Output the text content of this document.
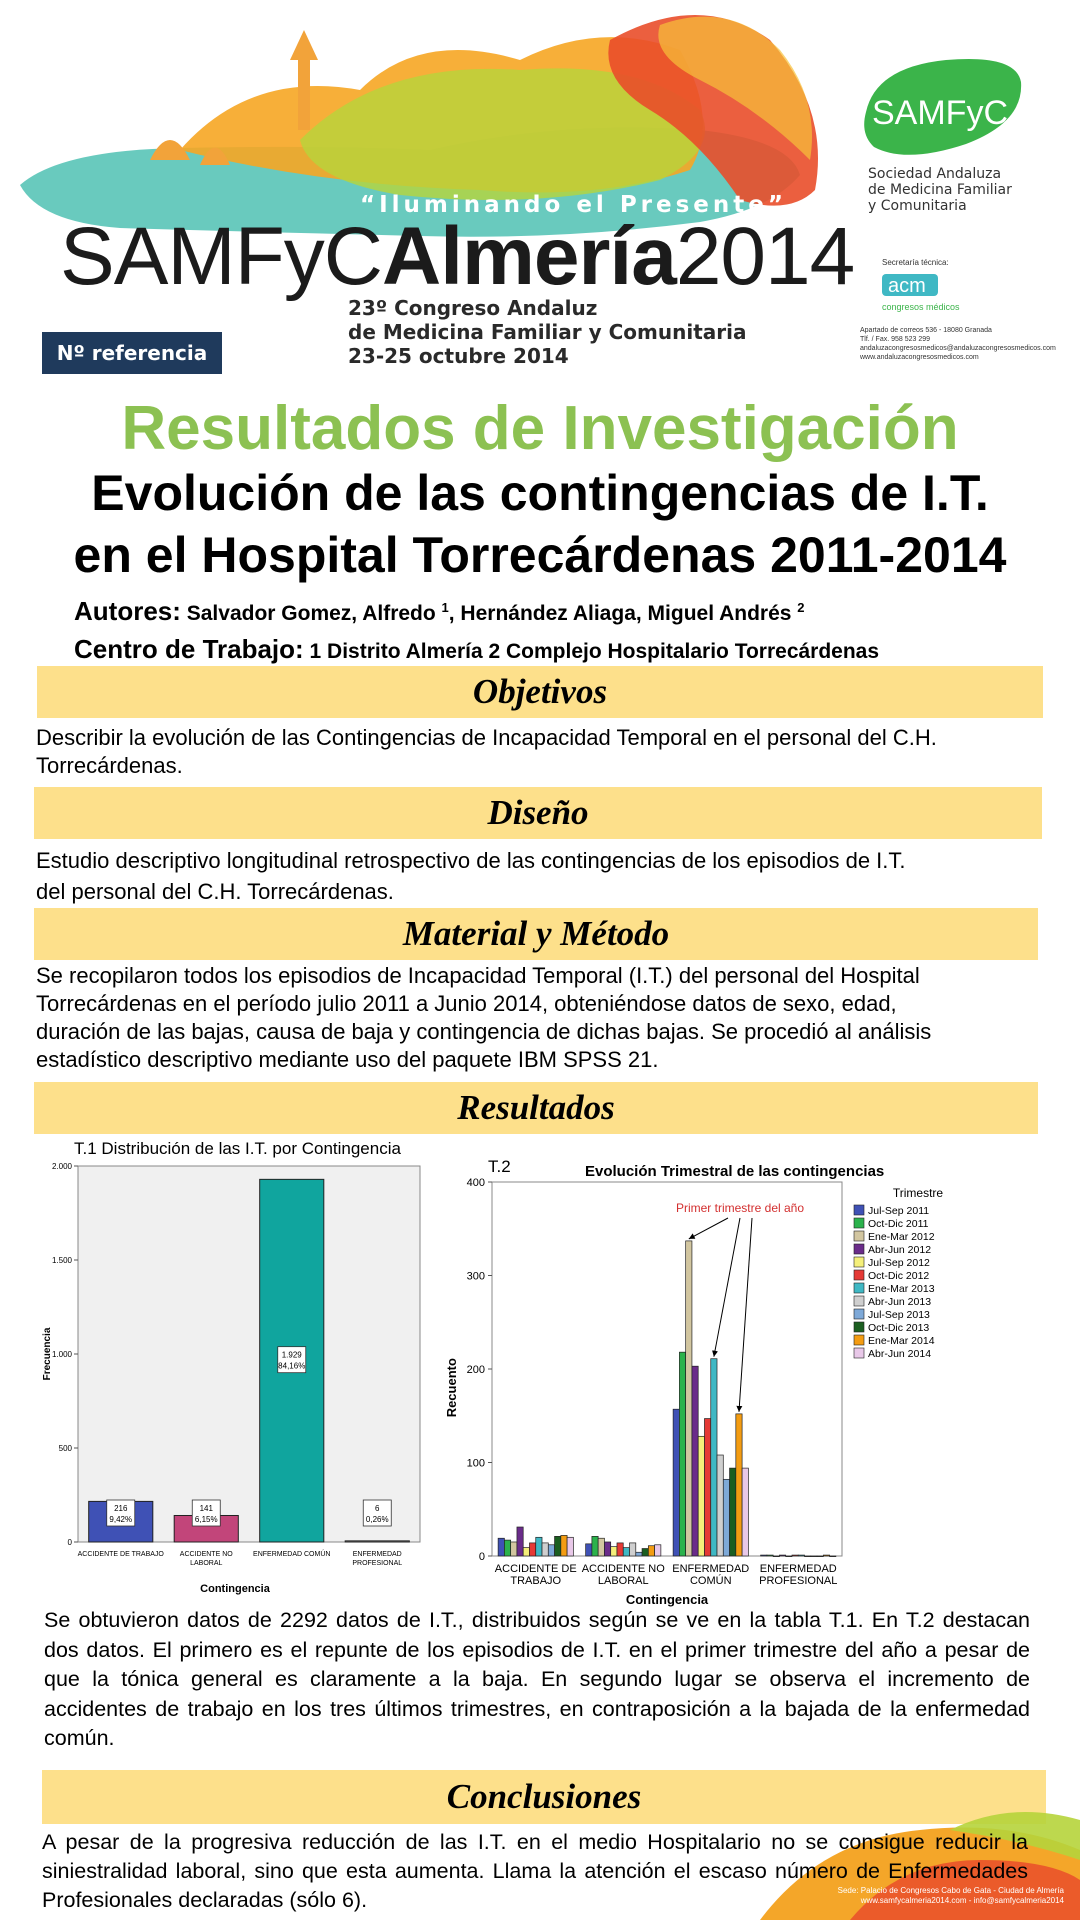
“Iluminando el Presente”
SAMFyCAlmería2014
23º Congreso Andaluz
de Medicina Familiar y Comunitaria
23-25 octubre 2014
Nº referencia
SAMFyC
Sociedad Andaluza
de Medicina Familiar
y Comunitaria
Secretaría técnica:
acm
congresos médicos
Apartado de correos 536 - 18080 Granada
Tlf. / Fax. 958 523 299
andaluzacongresosmedicos@andaluzacongresosmedicos.com
www.andaluzacongresosmedicos.com
Resultados de Investigación
Evolución de las contingencias de I.T.
en el Hospital Torrecárdenas 2011-2014
Autores: Salvador Gomez, Alfredo $^1$, Hernández Aliaga, Miguel Andrés $^2$
Centro de Trabajo: 1 Distrito Almería 2 Complejo Hospitalario Torrecárdenas
Objetivos
Describir la evolución de las Contingencias de Incapacidad Temporal en el personal del C.H.
Torrecárdenas.
Diseño
Estudio descriptivo longitudinal retrospectivo de las contingencias de los episodios de I.T.
del personal del C.H. Torrecárdenas.
Material y Método
Se recopilaron todos los episodios de Incapacidad Temporal (I.T.) del personal del Hospital
Torrecárdenas en el período julio 2011 a Junio 2014, obteniéndose datos de sexo, edad,
duración de las bajas, causa de baja y contingencia de dichas bajas. Se procedió al análisis
estadístico descriptivo mediante uso del paquete IBM SPSS 21.
Resultados
T.1 Distribución de las I.T. por Contingencia
0
500
1.000
1.500
2.000
216
9,42%
ACCIDENTE DE TRABAJO
141
6,15%
ACCIDENTE NO
LABORAL
1.929
84,16%
ENFERMEDAD COMÚN
6
0,26%
ENFERMEDAD
PROFESIONAL
Frecuencia
Contingencia
T.2	Evolución Trimestral de las contingencias
0
100
200
300
400
ACCIDENTE DE
TRABAJO
ACCIDENTE NO
LABORAL
ENFERMEDAD
COMÚN
ENFERMEDAD
PROFESIONAL
Recuento
Contingencia
Primer trimestre del año
Trimestre
Jul-Sep 2011
Oct-Dic 2011
Ene-Mar 2012
Abr-Jun 2012
Jul-Sep 2012
Oct-Dic 2012
Ene-Mar 2013
Abr-Jun 2013
Jul-Sep 2013
Oct-Dic 2013
Ene-Mar 2014
Abr-Jun 2014
Se obtuvieron datos de 2292 datos de I.T., distribuidos según se ve en la tabla T.1. En T.2 destacan dos datos. El primero es el repunte de los episodios de I.T. en el primer trimestre del año a pesar de que la tónica general es claramente a la baja. En segundo lugar se observa el incremento de accidentes de trabajo en los tres últimos trimestres, en contraposición a la bajada de la enfermedad común.
Conclusiones
A pesar de la progresiva reducción de las I.T. en el medio Hospitalario no se consigue reducir la siniestralidad laboral, sino que esta aumenta. Llama la atención el escaso número de Enfermedades Profesionales declaradas (sólo 6).	Sede: Palacio de Congresos Cabo de Gata - Ciudad de Almería
www.samfycalmeria2014.com - info@samfycalmeria2014
